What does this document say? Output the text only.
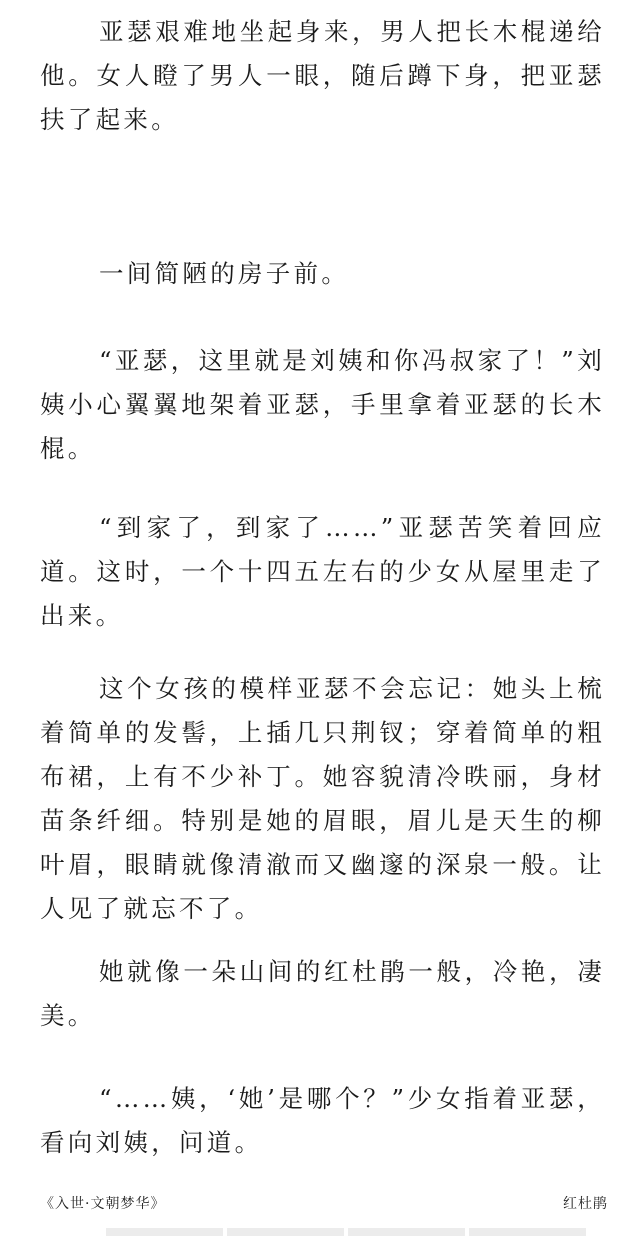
亚瑟艰难地坐起身来，男人把长木棍递给他。女人瞪了男人一眼，随后蹲下身，把亚瑟扶了起来。

一间简陋的房子前。

“亚瑟，这里就是刘姨和你冯叔家了！”刘姨小心翼翼地架着亚瑟，手里拿着亚瑟的长木棍。

“到家了，到家了……”亚瑟苦笑着回应道。这时，一个十四五左右的少女从屋里走了出来。

这个女孩的模样亚瑟不会忘记：她头上梳着简单的发髻，上插几只荆钗；穿着简单的粗布裙，上有不少补丁。她容貌清冷昳丽，身材苗条纤细。特别是她的眉眼，眉儿是天生的柳叶眉，眼睛就像清澈而又幽邃的深泉一般。让人见了就忘不了。

她就像一朵山间的红杜鹃一般，冷艳，凄美。

“……姨，‘她’是哪个？”少女指着亚瑟，看向刘姨，问道。

《入世·文朝梦华》	红杜鹃
